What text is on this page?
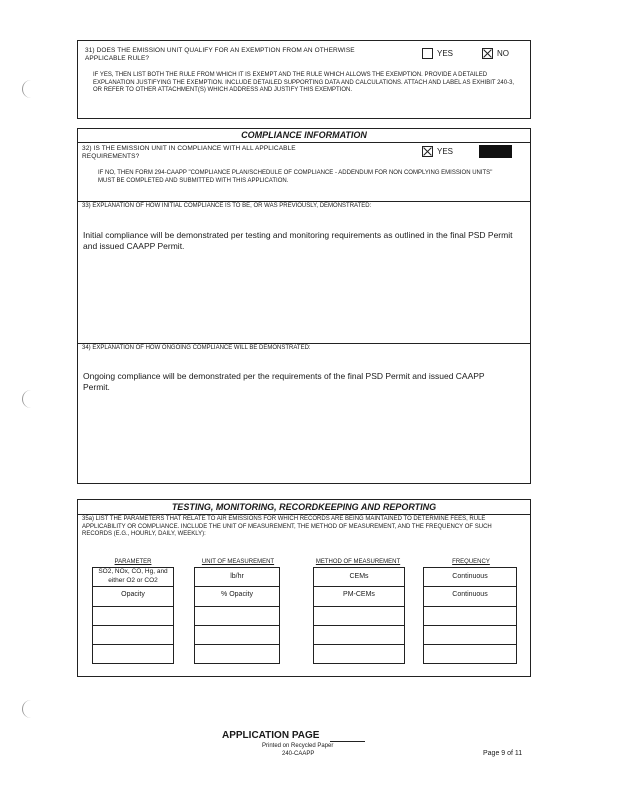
31) DOES THE EMISSION UNIT QUALIFY FOR AN EXEMPTION FROM AN OTHERWISE APPLICABLE RULE?
YES	NO
IF YES, THEN LIST BOTH THE RULE FROM WHICH IT IS EXEMPT AND THE RULE WHICH ALLOWS THE EXEMPTION. PROVIDE A DETAILED EXPLANATION JUSTIFYING THE EXEMPTION. INCLUDE DETAILED SUPPORTING DATA AND CALCULATIONS. ATTACH AND LABEL AS EXHIBIT 240-3, OR REFER TO OTHER ATTACHMENT(S) WHICH ADDRESS AND JUSTIFY THIS EXEMPTION.
COMPLIANCE INFORMATION
32) IS THE EMISSION UNIT IN COMPLIANCE WITH ALL APPLICABLE REQUIREMENTS?
YES
IF NO, THEN FORM 294-CAAPP "COMPLIANCE PLAN/SCHEDULE OF COMPLIANCE - ADDENDUM FOR NON COMPLYING EMISSION UNITS" MUST BE COMPLETED AND SUBMITTED WITH THIS APPLICATION.
33) EXPLANATION OF HOW INITIAL COMPLIANCE IS TO BE, OR WAS PREVIOUSLY, DEMONSTRATED:
Initial compliance will be demonstrated per testing and monitoring requirements as outlined in the final PSD Permit and issued CAAPP Permit.
34) EXPLANATION OF HOW ONGOING COMPLIANCE WILL BE DEMONSTRATED:
Ongoing compliance will be demonstrated per the requirements of the final PSD Permit and issued CAAPP Permit.
TESTING, MONITORING, RECORDKEEPING AND REPORTING
35a) LIST THE PARAMETERS THAT RELATE TO AIR EMISSIONS FOR WHICH RECORDS ARE BEING MAINTAINED TO DETERMINE FEES, RULE APPLICABILITY OR COMPLIANCE. INCLUDE THE UNIT OF MEASUREMENT, THE METHOD OF MEASUREMENT, AND THE FREQUENCY OF SUCH RECORDS (E.G., HOURLY, DAILY, WEEKLY):
PARAMETER	UNIT OF MEASUREMENT	METHOD OF MEASUREMENT	FREQUENCY
SO2, NOx, CO, Hg, and either O2 or CO2	lb/hr	CEMs	Continuous
Opacity	% Opacity	PM-CEMs	Continuous
APPLICATION PAGE
Printed on Recycled Paper
240-CAAPP	Page 9 of 11
